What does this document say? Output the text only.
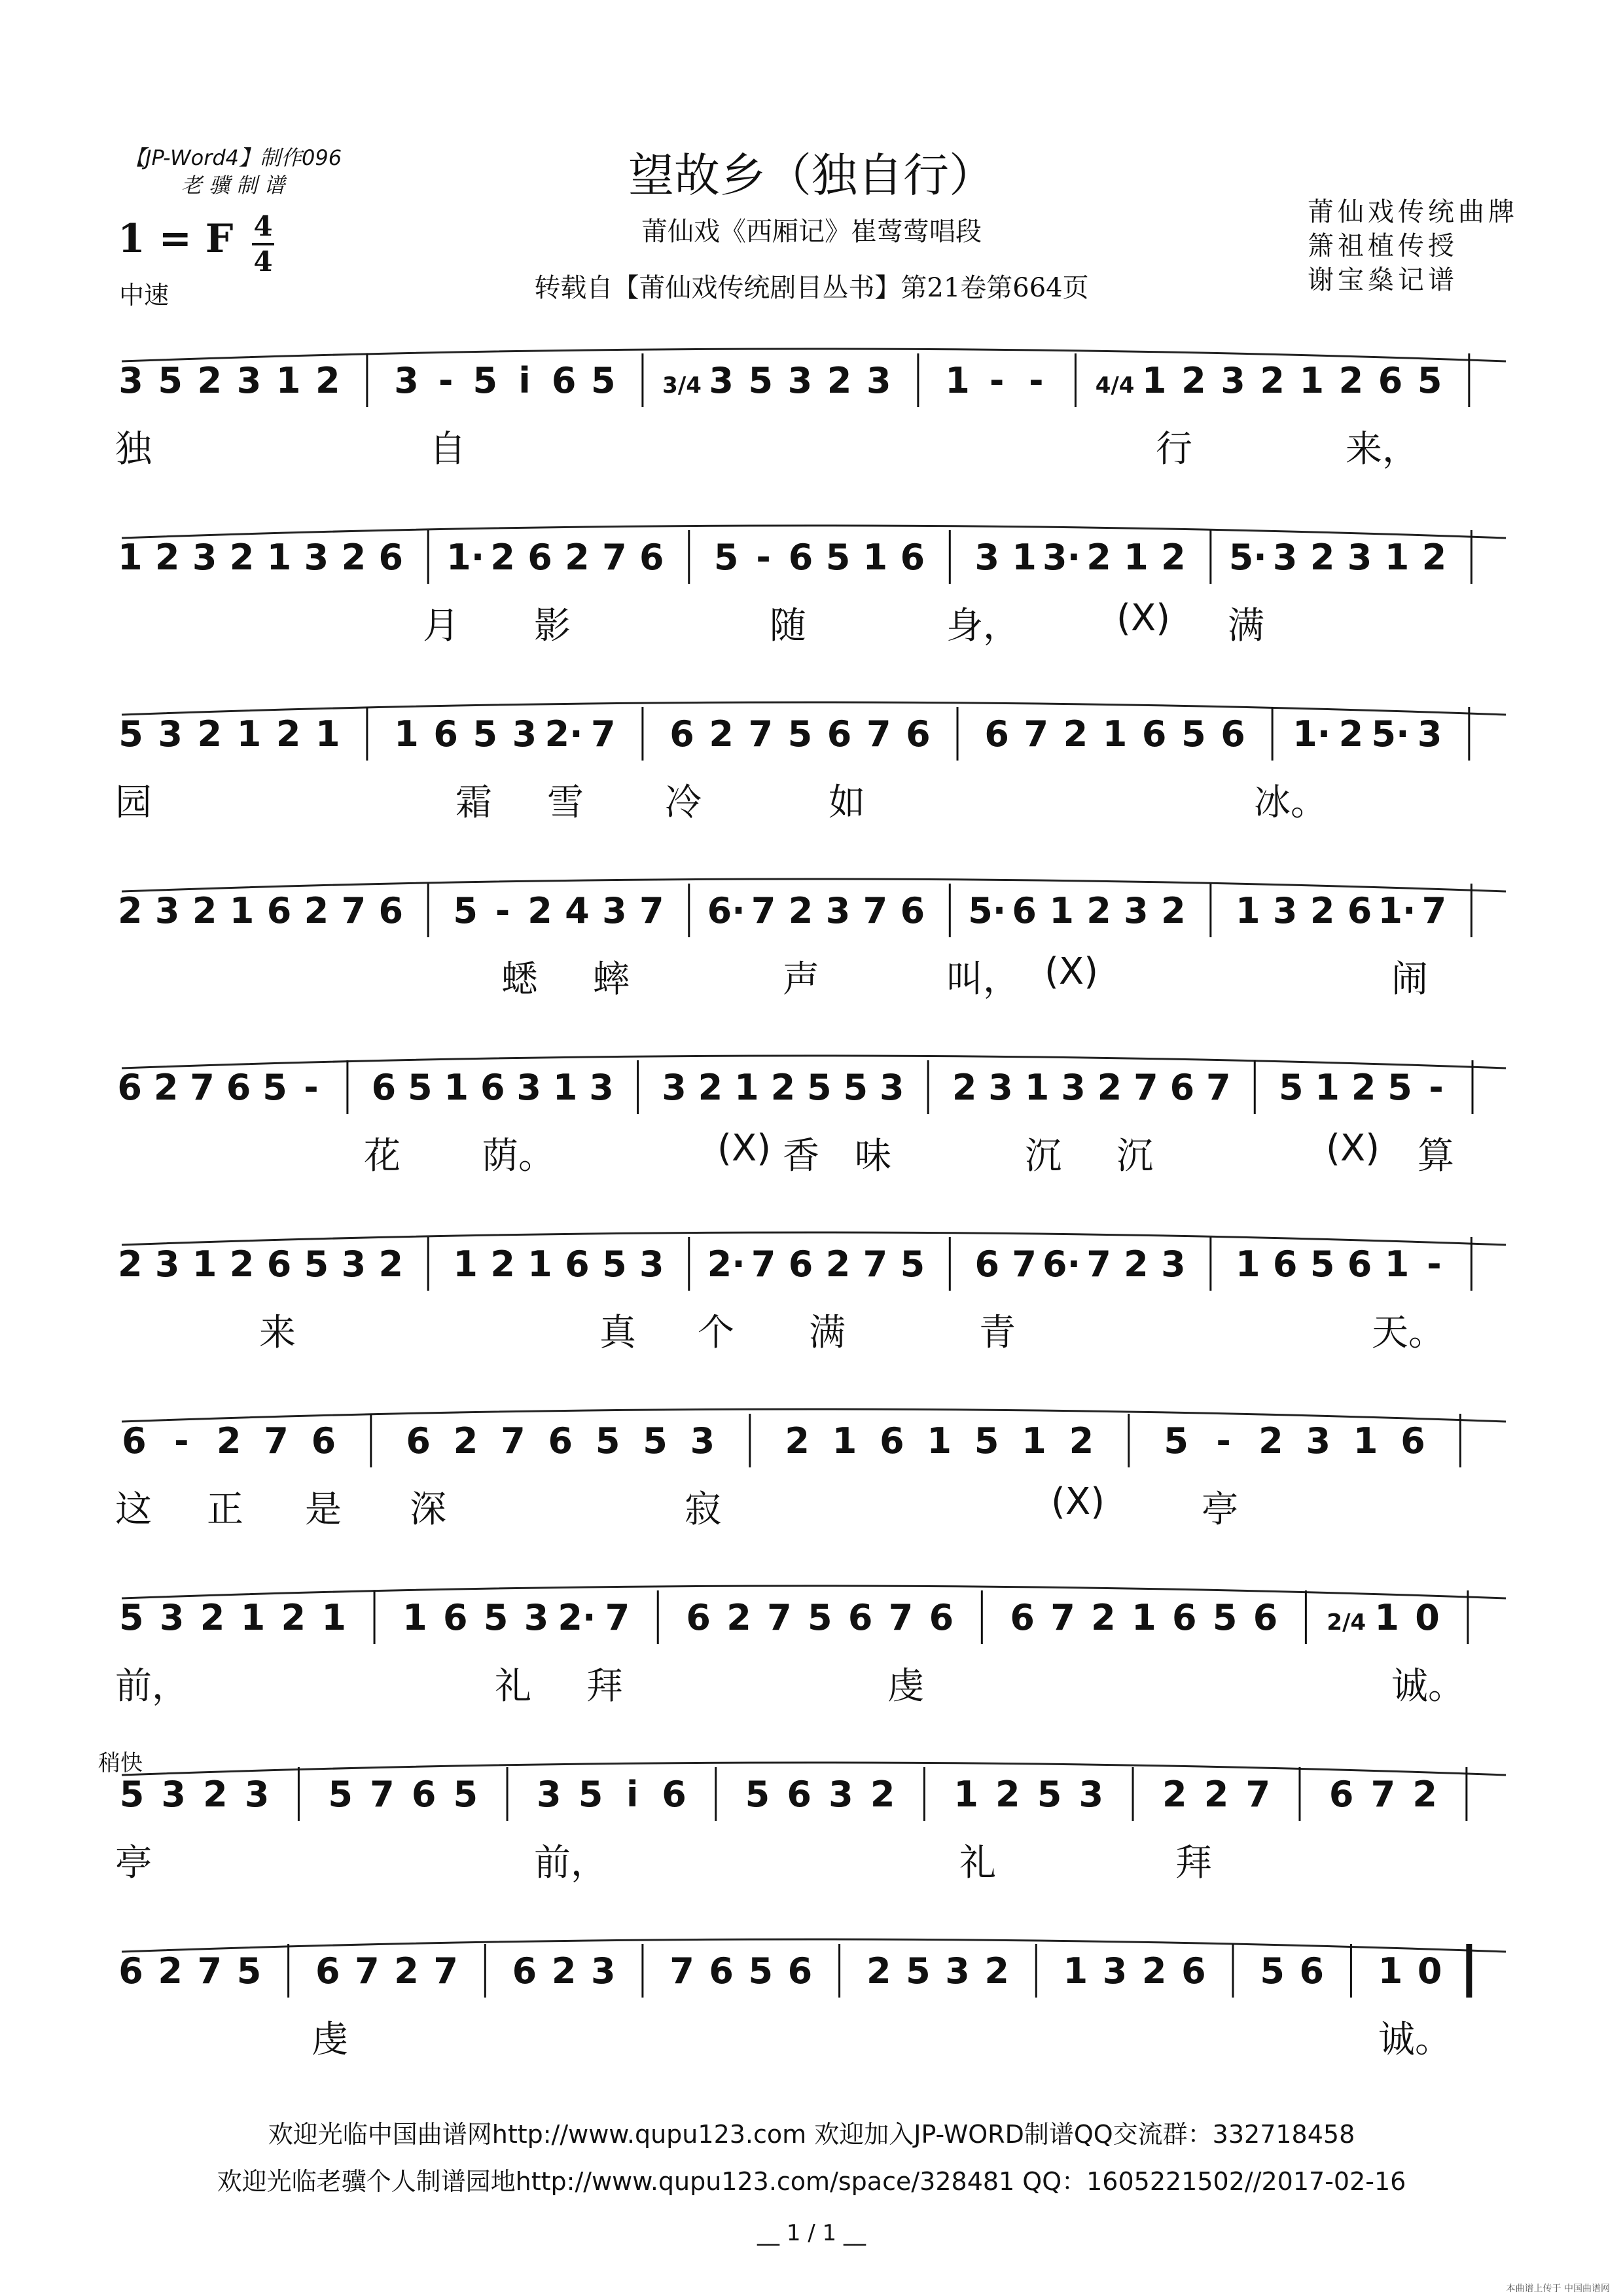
【JP-Word4】制作096
老 骥 制 谱	望故乡（独自行）
莆仙戏《西厢记》崔莺莺唱段
转载自【莆仙戏传统剧目丛书】第21卷第664页
莆仙戏传统曲牌
箫祖植传授
谢宝燊记谱
1 = F 4
4
中速
稍快
3 5 2 3 1 2 3 - 5 i 6 5 3/4 3 5 3 2 3 1 - - 4/4 1 2 3 2 1 2 6 5
独	自	行	来，
1 2 3 2 1 3 2 6 1· 2 6 2 7 6 5 - 6 5 1 6 3 1 3· 2 1 2 5· 3 2 3 1 2
月 影	随	身，	(X) 满
5 3 2 1 2 1 1 6 5 3 2· 7 6 2 7 5 6 7 6 6 7 2 1 6 5 6 1· 2 5· 3
园	霜 雪 冷	如	冰。
2 3 2 1 6 2 7 6 5 - 2 4 3 7 6· 7 2 3 7 6 5· 6 1 2 3 2 1 3 2 6 1· 7
蟋 蟀	声	叫， (X)	闹
6 2 7 6 5 - 6 5 1 6 3 1 3 3 2 1 2 5 5 3 2 3 1 3 2 7 6 7 5 1 2 5 -
花 荫。	(X) 香 味	沉 沉	(X) 算
2 3 1 2 6 5 3 2 1 2 1 6 5 3 2· 7 6 2 7 5 6 7 6· 7 2 3 1 6 5 6 1 -
来	真 个 满	青	天。
6 - 2 7 6 6 2 7 6 5 5 3 2 1 6 1 5 1 2 5 - 2 3 1 6
这 正 是 深	寂	(X)	亭
5 3 2 1 2 1 1 6 5 3 2· 7 6 2 7 5 6 7 6 6 7 2 1 6 5 6 2/4 1 0
前，	礼 拜	虔	诚。
5 3 2 3 5 7 6 5 3 5 i 6 5 6 3 2 1 2 5 3 2 2 7 6 7 2
亭	前，	礼	拜
6 2 7 5 6 7 2 7 6 2 3 7 6 5 6 2 5 3 2 1 3 2 6 5 6 1 0
虔	诚。
欢迎光临中国曲谱网http://www.qupu123.com 欢迎加入JP-WORD制谱QQ交流群：332718458
欢迎光临老骥个人制谱园地http://www.qupu123.com/space/328481 QQ：1605221502//2017-02-16
__ 1 / 1 __
本曲谱上传于 中国曲谱网
